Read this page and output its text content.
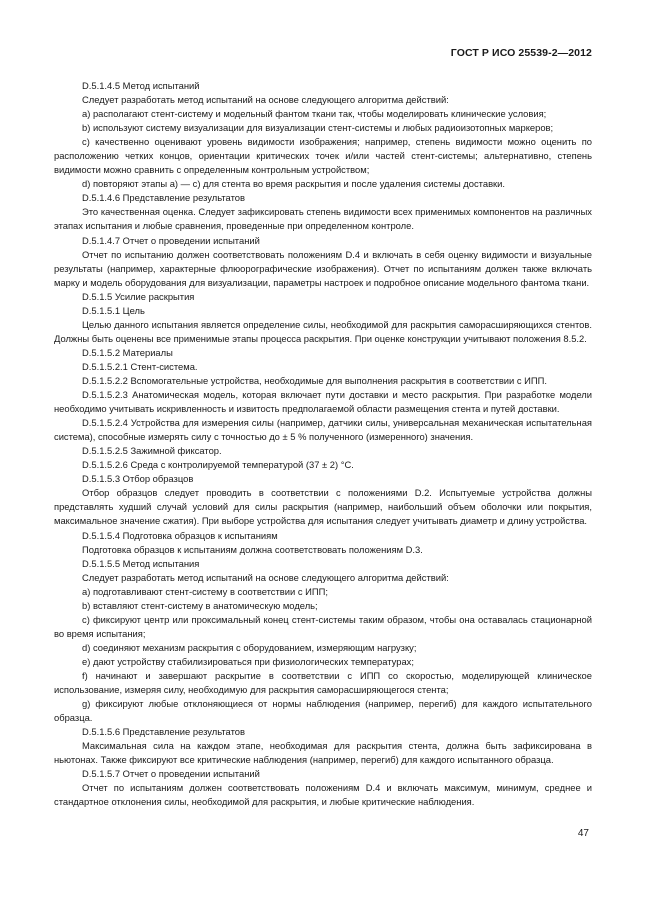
ГОСТ Р ИСО 25539-2—2012

D.5.1.4.5 Метод испытаний

Следует разработать метод испытаний на основе следующего алгоритма действий:

a) располагают стент-систему и модельный фантом ткани так, чтобы моделировать клинические условия;

b) используют систему визуализации для визуализации стент-системы и любых радиоизотопных маркеров;

c) качественно оценивают уровень видимости изображения; например, степень видимости можно оценить по расположению четких концов, ориентации критических точек и/или частей стент-системы; альтернативно, степень видимости можно сравнить с определенным контрольным устройством;

d) повторяют этапы a) — c) для стента во время раскрытия и после удаления системы доставки.

D.5.1.4.6 Представление результатов

Это качественная оценка. Следует зафиксировать степень видимости всех применимых компонентов на различных этапах испытания и любые сравнения, проведенные при определенном контроле.

D.5.1.4.7 Отчет о проведении испытаний

Отчет по испытанию должен соответствовать положениям D.4 и включать в себя оценку видимости и визуальные результаты (например, характерные флюорографические изображения). Отчет по испытаниям должен также включать марку и модель оборудования для визуализации, параметры настроек и подробное описание модельного фантома ткани.

D.5.1.5 Усилие раскрытия

D.5.1.5.1 Цель

Целью данного испытания является определение силы, необходимой для раскрытия саморасширяющихся стентов. Должны быть оценены все применимые этапы процесса раскрытия. При оценке конструкции учитывают положения 8.5.2.

D.5.1.5.2 Материалы

D.5.1.5.2.1 Стент-система.

D.5.1.5.2.2 Вспомогательные устройства, необходимые для выполнения раскрытия в соответствии с ИПП.

D.5.1.5.2.3 Анатомическая модель, которая включает пути доставки и место раскрытия. При разработке модели необходимо учитывать искривленность и извитость предполагаемой области размещения стента и путей доставки.

D.5.1.5.2.4 Устройства для измерения силы (например, датчики силы, универсальная механическая испытательная система), способные измерять силу с точностью до ± 5 % полученного (измеренного) значения.

D.5.1.5.2.5 Зажимной фиксатор.

D.5.1.5.2.6 Среда с контролируемой температурой (37 ± 2) °С.

D.5.1.5.3 Отбор образцов

Отбор образцов следует проводить в соответствии с положениями D.2. Испытуемые устройства должны представлять худший случай условий для силы раскрытия (например, наибольший объем оболочки или покрытия, максимальное значение сжатия). При выборе устройства для испытания следует учитывать диаметр и длину устройства.

D.5.1.5.4 Подготовка образцов к испытаниям

Подготовка образцов к испытаниям должна соответствовать положениям D.3.

D.5.1.5.5 Метод испытания

Следует разработать метод испытаний на основе следующего алгоритма действий:

a) подготавливают стент-систему в соответствии с ИПП;

b) вставляют стент-систему в анатомическую модель;

c) фиксируют центр или проксимальный конец стент-системы таким образом, чтобы она оставалась стационарной во время испытания;

d) соединяют механизм раскрытия с оборудованием, измеряющим нагрузку;

e) дают устройству стабилизироваться при физиологических температурах;

f) начинают и завершают раскрытие в соответствии с ИПП со скоростью, моделирующей клиническое использование, измеряя силу, необходимую для раскрытия саморасширяющегося стента;

g) фиксируют любые отклоняющиеся от нормы наблюдения (например, перегиб) для каждого испытательного образца.

D.5.1.5.6 Представление результатов

Максимальная сила на каждом этапе, необходимая для раскрытия стента, должна быть зафиксирована в ньютонах. Также фиксируют все критические наблюдения (например, перегиб) для каждого испытанного образца.

D.5.1.5.7 Отчет о проведении испытаний

Отчет по испытаниям должен соответствовать положениям D.4 и включать максимум, минимум, среднее и стандартное отклонения силы, необходимой для раскрытия, и любые критические наблюдения.

47
